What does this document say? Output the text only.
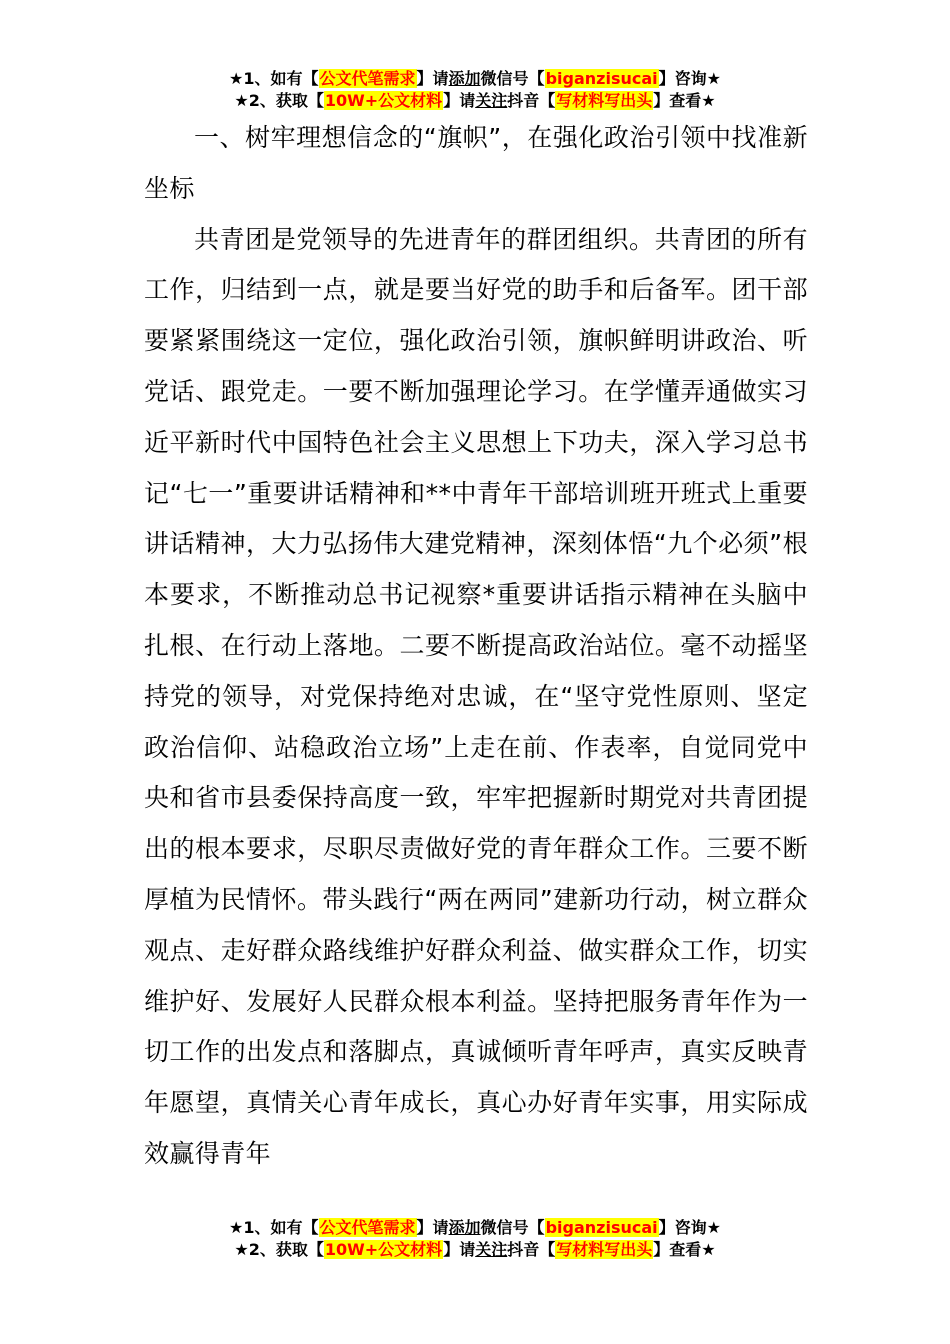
★1、如有【公文代笔需求】请添加微信号【biganzisucai】咨询★
★2、获取【10W+公文材料】请关注抖音【写材料写出头】查看★

一、树牢理想信念的“旗帜”，在强化政治引领中找准新坐标

共青团是党领导的先进青年的群团组织。共青团的所有工作，归结到一点，就是要当好党的助手和后备军。团干部要紧紧围绕这一定位，强化政治引领，旗帜鲜明讲政治、听党话、跟党走。一要不断加强理论学习。在学懂弄通做实习近平新时代中国特色社会主义思想上下功夫，深入学习总书记“七一”重要讲话精神和**中青年干部培训班开班式上重要讲话精神，大力弘扬伟大建党精神，深刻体悟“九个必须”根本要求，不断推动总书记视察*重要讲话指示精神在头脑中扎根、在行动上落地。二要不断提高政治站位。毫不动摇坚持党的领导，对党保持绝对忠诚，在“坚守党性原则、坚定政治信仰、站稳政治立场”上走在前、作表率，自觉同党中央和省市县委保持高度一致，牢牢把握新时期党对共青团提出的根本要求，尽职尽责做好党的青年群众工作。三要不断厚植为民情怀。带头践行“两在两同”建新功行动，树立群众观点、走好群众路线维护好群众利益、做实群众工作，切实维护好、发展好人民群众根本利益。坚持把服务青年作为一切工作的出发点和落脚点，真诚倾听青年呼声，真实反映青年愿望，真情关心青年成长，真心办好青年实事，用实际成效赢得青年

★1、如有【公文代笔需求】请添加微信号【biganzisucai】咨询★
★2、获取【10W+公文材料】请关注抖音【写材料写出头】查看★
